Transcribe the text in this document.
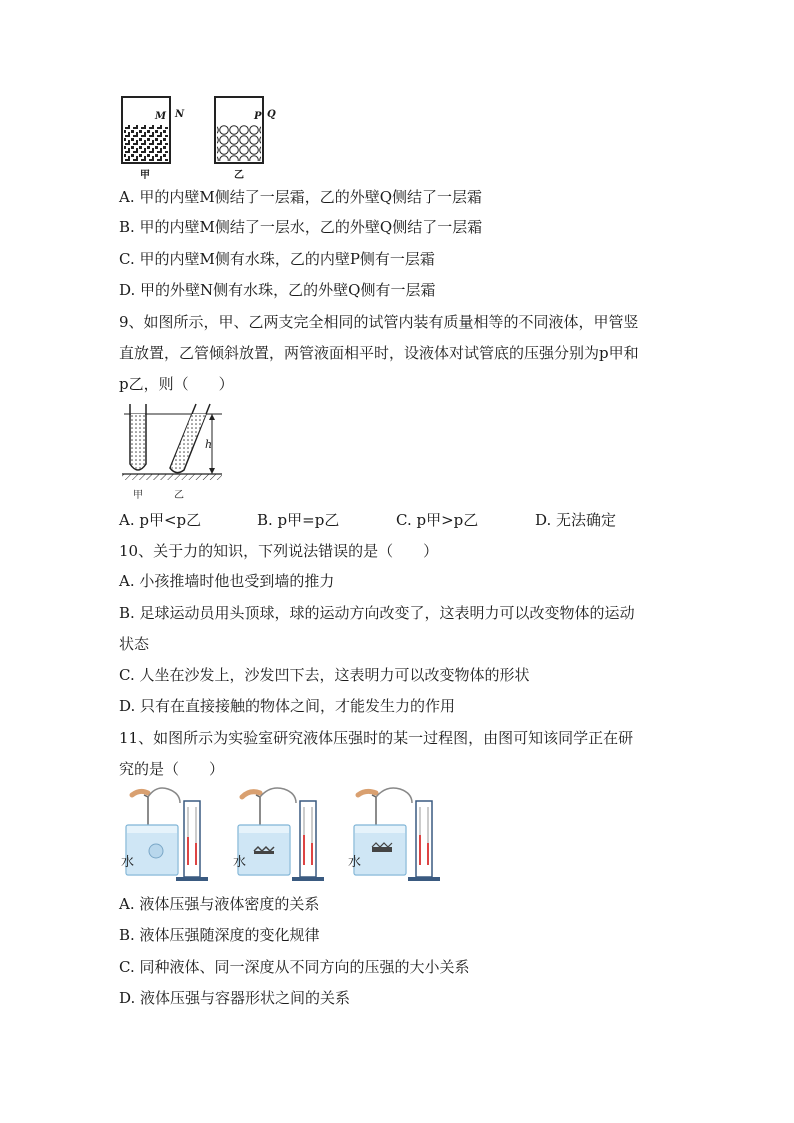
M N	P Q
甲	乙
A. 甲的内壁M侧结了一层霜，乙的外壁Q侧结了一层霜
B. 甲的内壁M侧结了一层水，乙的外壁Q侧结了一层霜
C. 甲的内壁M侧有水珠，乙的内壁P侧有一层霜
D. 甲的外壁N侧有水珠，乙的外壁Q侧有一层霜
9、如图所示，甲、乙两支完全相同的试管内装有质量相等的不同液体，甲管竖
直放置，乙管倾斜放置，两管液面相平时，设液体对试管底的压强分别为p甲和
p乙，则（　　）
h
甲	乙
A. p甲<p乙	B. p甲=p乙	C. p甲>p乙	D. 无法确定
10、关于力的知识，下列说法错误的是（　　）
A. 小孩推墙时他也受到墙的推力
B. 足球运动员用头顶球，球的运动方向改变了，这表明力可以改变物体的运动
状态
C. 人坐在沙发上，沙发凹下去，这表明力可以改变物体的形状
D. 只有在直接接触的物体之间，才能发生力的作用
11、如图所示为实验室研究液体压强时的某一过程图，由图可知该同学正在研
究的是（　　）
水	水	水
A. 液体压强与液体密度的关系
B. 液体压强随深度的变化规律
C. 同种液体、同一深度从不同方向的压强的大小关系
D. 液体压强与容器形状之间的关系
